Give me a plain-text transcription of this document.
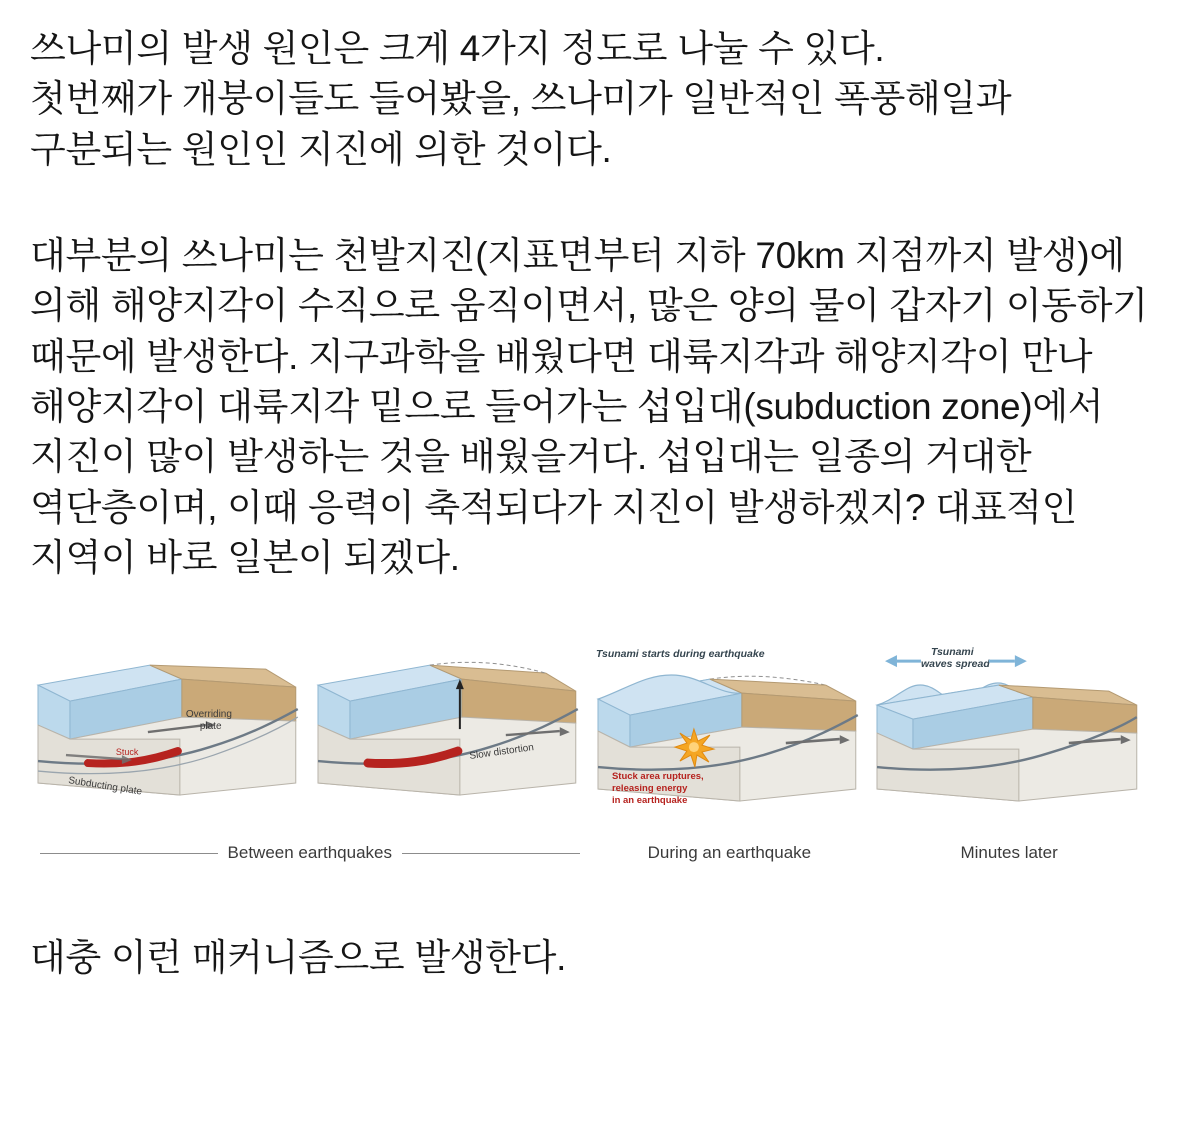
쓰나미의 발생 원인은 크게 4가지 정도로 나눌 수 있다.

첫번째가 개붕이들도 들어봤을, 쓰나미가 일반적인 폭풍해일과 구분되는 원인인 지진에 의한 것이다.

대부분의 쓰나미는 천발지진(지표면부터 지하 70km 지점까지 발생)에 의해 해양지각이 수직으로 움직이면서, 많은 양의 물이 갑자기 이동하기 때문에 발생한다. 지구과학을 배웠다면 대륙지각과 해양지각이 만나 해양지각이 대륙지각 밑으로 들어가는 섭입대(subduction zone)에서 지진이 많이 발생하는 것을 배웠을거다. 섭입대는 일종의 거대한 역단층이며, 이때 응력이 축적되다가 지진이 발생하겠지? 대표적인 지역이 바로 일본이 되겠다.

Overriding
plate
Stuck
Subducting plate
Slow distortion
Tsunami starts during earthquake
Stuck area ruptures,
releasing energy
in an earthquake
Tsunami
waves spread
Between earthquakes	During an earthquake	Minutes later

대충 이런 매커니즘으로 발생한다.
